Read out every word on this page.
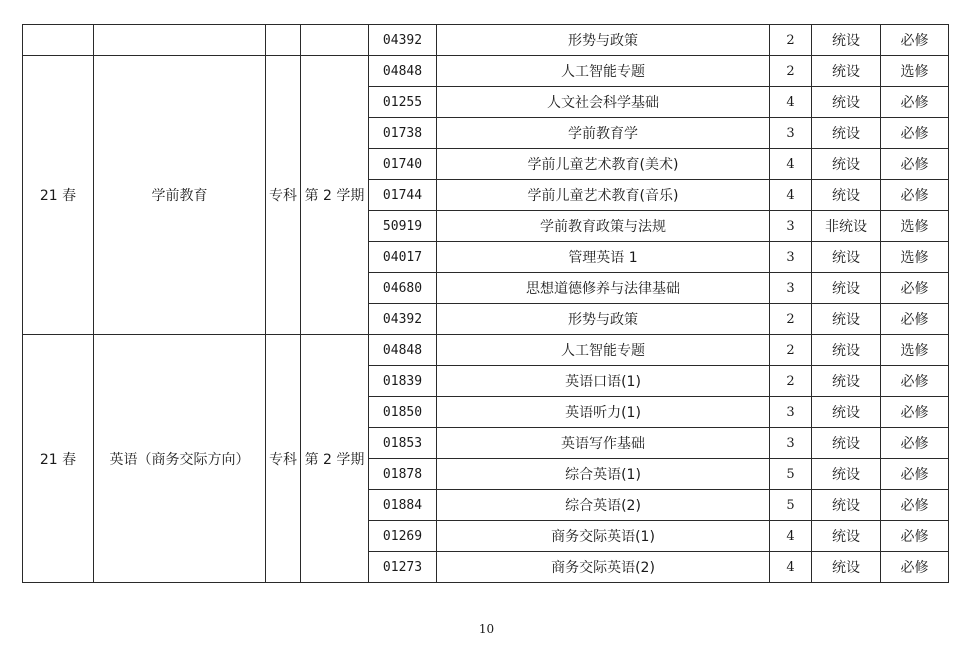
				04392	形势与政策	2	统设	必修
21 春	学前教育	专科	第 2 学期	04848	人工智能专题	2	统设	选修
				01255	人文社会科学基础	4	统设	必修
				01738	学前教育学	3	统设	必修
				01740	学前儿童艺术教育(美术)	4	统设	必修
				01744	学前儿童艺术教育(音乐)	4	统设	必修
				50919	学前教育政策与法规	3	非统设	选修
				04017	管理英语 1	3	统设	选修
				04680	思想道德修养与法律基础	3	统设	必修
				04392	形势与政策	2	统设	必修
21 春	英语（商务交际方向）	专科	第 2 学期	04848	人工智能专题	2	统设	选修
				01839	英语口语(1)	2	统设	必修
				01850	英语听力(1)	3	统设	必修
				01853	英语写作基础	3	统设	必修
				01878	综合英语(1)	5	统设	必修
				01884	综合英语(2)	5	统设	必修
				01269	商务交际英语(1)	4	统设	必修
				01273	商务交际英语(2)	4	统设	必修
10
